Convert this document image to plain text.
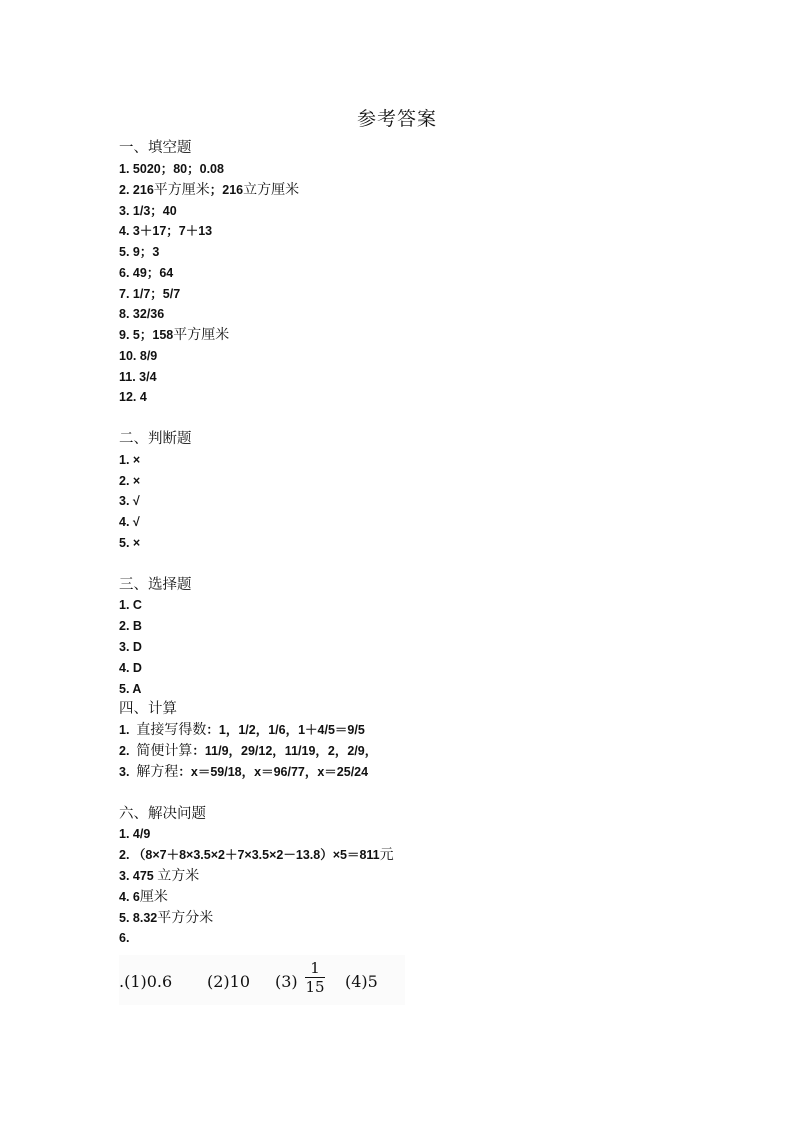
参考答案
一、填空题
1. 5020；80；0.08
2. 216平方厘米；216立方厘米
3. 1/3；40
4. 3＋17；7＋13
5. 9；3
6. 49；64
7. 1/7；5/7
8. 32/36
9. 5；158平方厘米
10. 8/9
11. 3/4
12. 4
二、判断题
1. ×
2. ×
3. √
4. √
5. ×
三、选择题
1. C
2. B
3. D
4. D
5. A
四、计算
1. 直接写得数：1，1/2，1/6，1＋4/5＝9/5
2. 简便计算：11/9，29/12，11/19，2，2/9，
3. 解方程：x＝59/18，x＝96/77，x＝25/24
六、解决问题
1. 4/9
2. （8×7＋8×3.5×2＋7×3.5×2－13.8）×5＝811元
3. 475 立方米
4. 6厘米
5. 8.32平方分米
6.
.(1)0.6 (2)10 (3)
1
15 (4)5
